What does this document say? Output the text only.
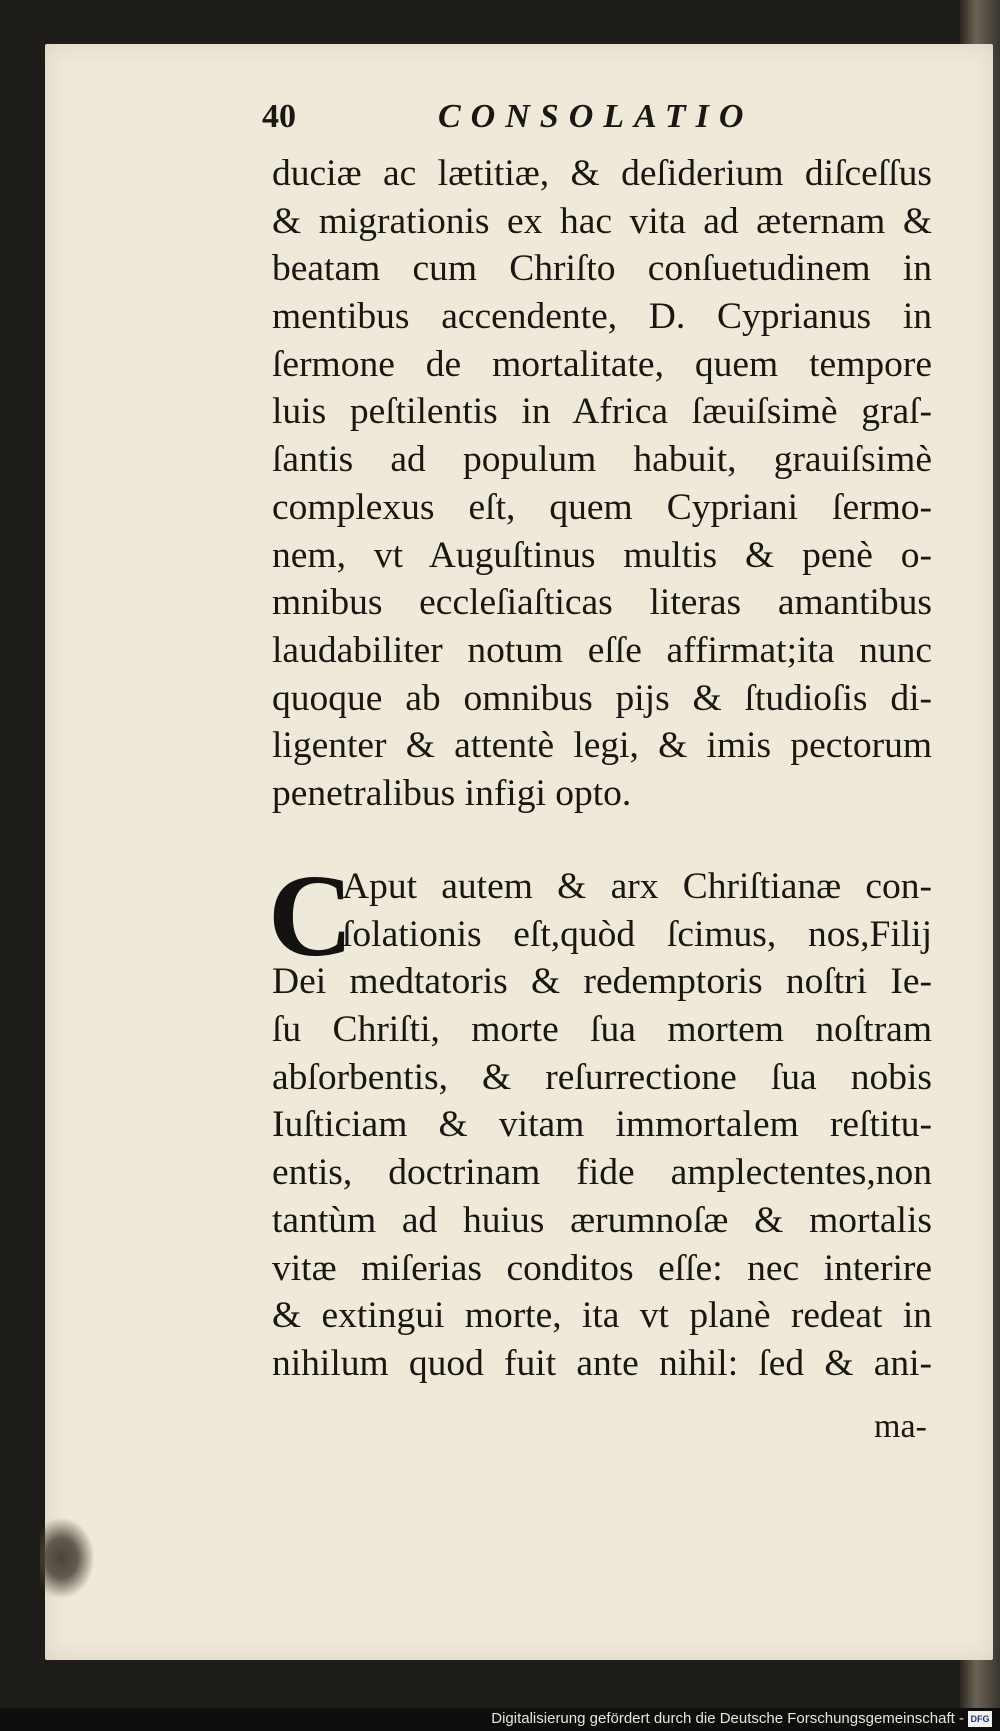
40	CONSOLATIO
duciæ ac lætitiæ, & deſiderium diſceſſus
& migrationis ex hac vita ad æternam &
beatam cum Chriſto conſuetudinem in
mentibus accendente, D. Cyprianus in
ſermone de mortalitate, quem tempore
luis peſtilentis in Africa ſæuiſsimè graſ-
ſantis ad populum habuit, grauiſsimè
complexus eſt, quem Cypriani ſermo-
nem, vt Auguſtinus multis & penè o-
mnibus eccleſiaſticas literas amantibus
laudabiliter notum eſſe affirmat;ita nunc
quoque ab omnibus pijs & ſtudioſis di-
ligenter & attentè legi, & imis pectorum
penetralibus infigi opto.
C
Aput autem & arx Chriſtianæ con-
ſolationis eſt,quòd ſcimus, nos,Filij
Dei medtatoris & redemptoris noſtri Ie-
ſu Chriſti, morte ſua mortem noſtram
abſorbentis, & reſurrectione ſua nobis
Iuſticiam & vitam immortalem reſtitu-
entis, doctrinam fide amplectentes,non
tantùm ad huius ærumnoſæ & mortalis
vitæ miſerias conditos eſſe: nec interire
& extingui morte, ita vt planè redeat in
nihilum quod fuit ante nihil: ſed & ani-
ma-
Digitalisierung gefördert durch die Deutsche Forschungsgemeinschaft - DFG
